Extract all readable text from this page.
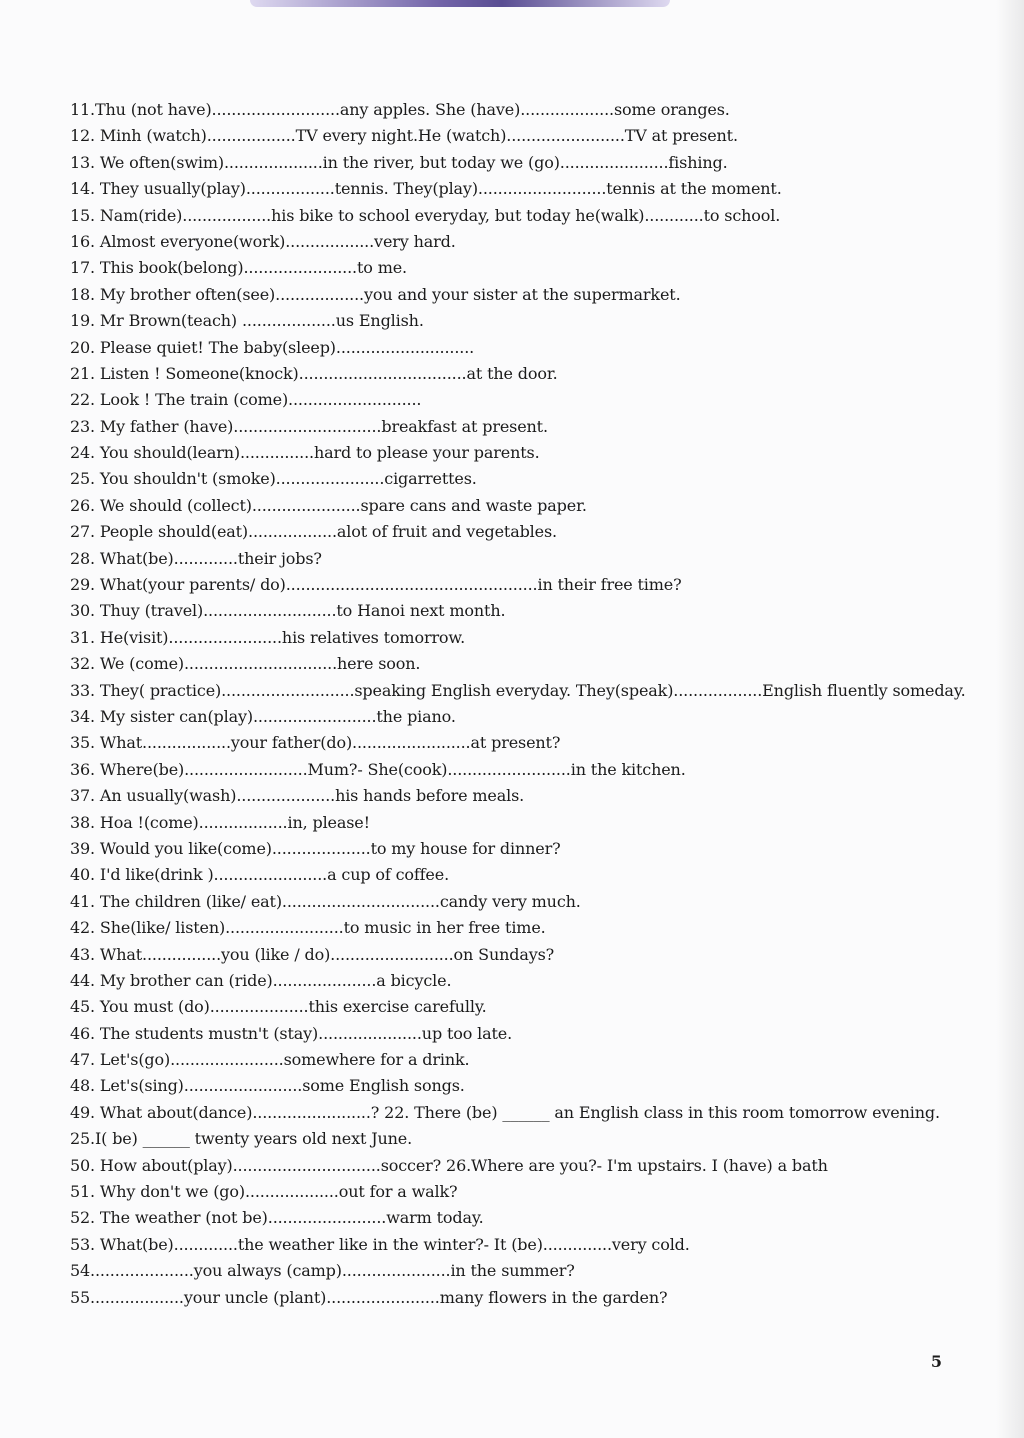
11.Thu (not have)..........................any apples. She (have)...................some oranges.
12. Minh (watch)..................TV every night.He (watch)........................TV at present.
13. We often(swim)....................in the river, but today we (go)......................fishing.
14. They usually(play)..................tennis. They(play)..........................tennis at the moment.
15. Nam(ride)..................his bike to school everyday, but today he(walk)............to school.
16. Almost everyone(work)..................very hard.
17. This book(belong).......................to me.
18. My brother often(see)..................you and your sister at the supermarket.
19. Mr Brown(teach) ...................us English.
20. Please quiet! The baby(sleep)............................
21. Listen ! Someone(knock)..................................at the door.
22. Look ! The train (come)...........................
23. My father (have)..............................breakfast at present.
24. You should(learn)...............hard to please your parents.
25. You shouldn't (smoke)......................cigarrettes.
26. We should (collect)......................spare cans and waste paper.
27. People should(eat)..................alot of fruit and vegetables.
28. What(be).............their jobs?
29. What(your parents/ do)...................................................in their free time?
30. Thuy (travel)...........................to Hanoi next month.
31. He(visit).......................his relatives tomorrow.
32. We (come)...............................here soon.
33. They( practice)...........................speaking English everyday. They(speak)..................English fluently someday.
34. My sister can(play).........................the piano.
35. What..................your father(do)........................at present?
36. Where(be).........................Mum?- She(cook).........................in the kitchen.
37. An usually(wash)....................his hands before meals.
38. Hoa !(come)..................in, please!
39. Would you like(come)....................to my house for dinner?
40. I'd like(drink ).......................a cup of coffee.
41. The children (like/ eat)................................candy very much.
42. She(like/ listen)........................to music in her free time.
43. What................you (like / do).........................on Sundays?
44. My brother can (ride).....................a bicycle.
45. You must (do)....................this exercise carefully.
46. The students mustn't (stay).....................up too late.
47. Let's(go).......................somewhere for a drink.
48. Let's(sing)........................some English songs.
49. What about(dance)........................? 22. There (be) ______ an English class in this room tomorrow evening.
25.I( be) ______ twenty years old next June.
50. How about(play)..............................soccer? 26.Where are you?- I'm upstairs. I (have) a bath
51. Why don't we (go)...................out for a walk?
52. The weather (not be)........................warm today.
53. What(be).............the weather like in the winter?- It (be)..............very cold.
54.....................you always (camp)......................in the summer?
55...................your uncle (plant).......................many flowers in the garden?
5
